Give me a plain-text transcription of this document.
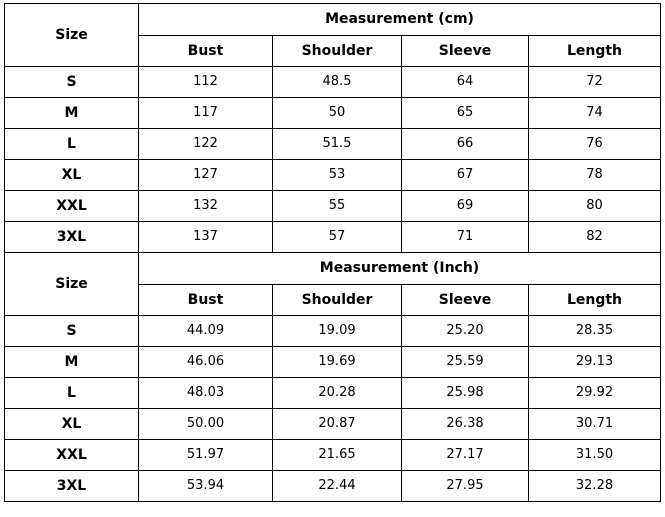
Size	Measurement (cm)			
	Bust	Shoulder	Sleeve	Length
S	112	48.5	64	72
M	117	50	65	74
L	122	51.5	66	76
XL	127	53	67	78
XXL	132	55	69	80
3XL	137	57	71	82
Size	Measurement (Inch)			
	Bust	Shoulder	Sleeve	Length
S	44.09	19.09	25.20	28.35
M	46.06	19.69	25.59	29.13
L	48.03	20.28	25.98	29.92
XL	50.00	20.87	26.38	30.71
XXL	51.97	21.65	27.17	31.50
3XL	53.94	22.44	27.95	32.28
